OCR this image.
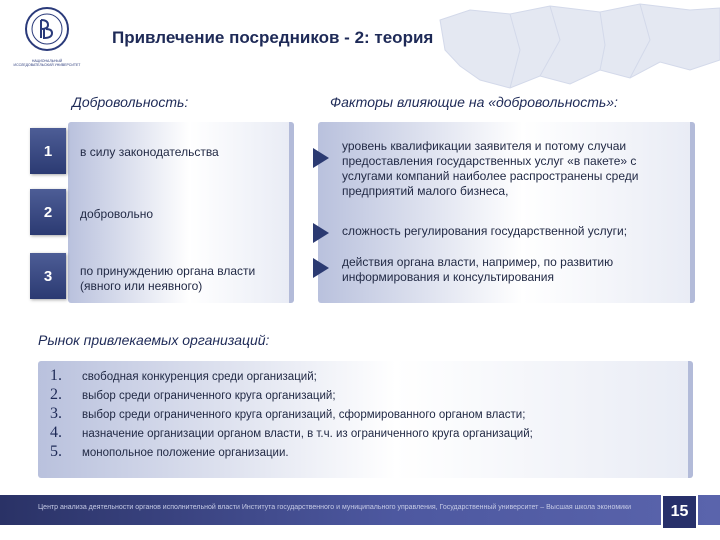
НАЦИОНАЛЬНЫЙ ИССЛЕДОВАТЕЛЬСКИЙ УНИВЕРСИТЕТ
Привлечение посредников - 2: теория
Добровольность:	Факторы влияющие на «добровольность»:
1	в силу законодательства
2	добровольно
3	по принуждению органа власти (явного или неявного)
уровень квалификации заявителя и потому случаи предоставления государственных услуг «в пакете» с услугами компаний наиболее распространены среди предприятий малого бизнеса,
сложность регулирования государственной услуги;
действия органа власти, например, по развитию информирования и консультирования
Рынок привлекаемых организаций:
1.	свободная конкуренция среди организаций;
2.	выбор среди ограниченного круга организаций;
3.	выбор среди ограниченного круга организаций, сформированного органом власти;
4.	назначение организации органом власти, в т.ч. из ограниченного круга организаций;
5.	монопольное положение организации.
Центр анализа деятельности органов исполнительной власти Института государственного и муниципального управления, Государственный университет – Высшая школа экономики	15
